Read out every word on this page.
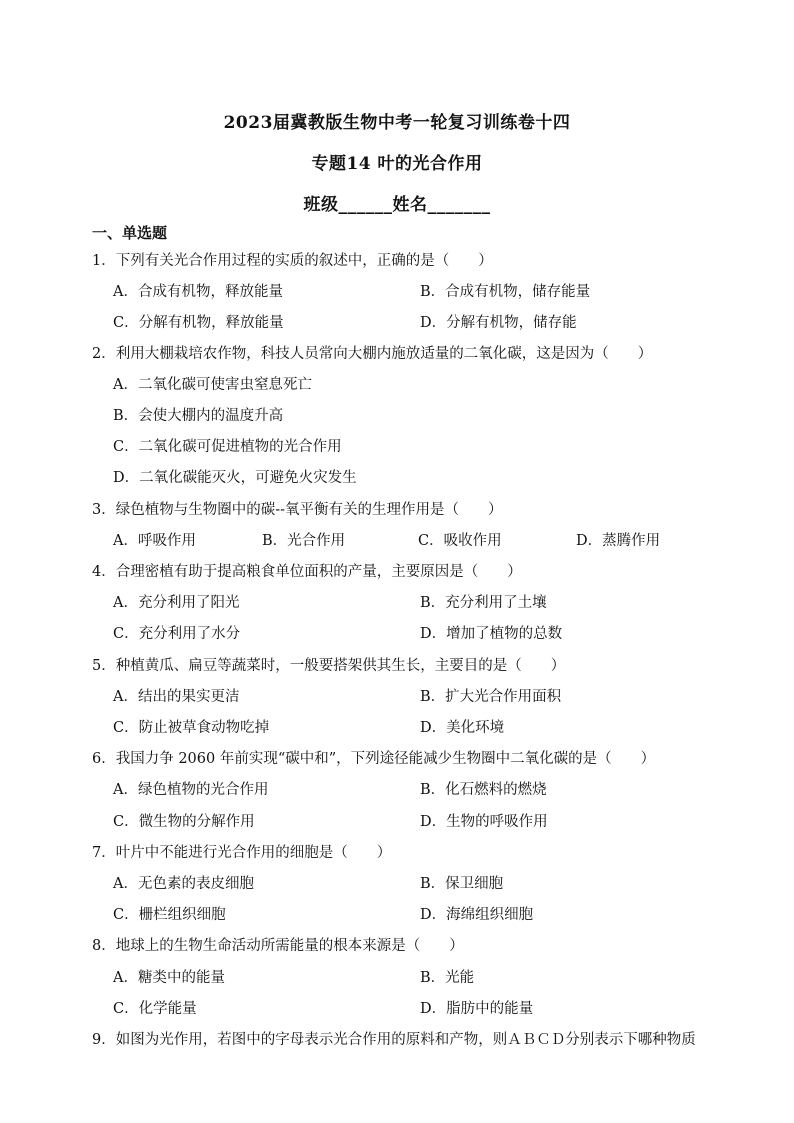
2023届冀教版生物中考一轮复习训练卷十四
专题14 叶的光合作用
班级______姓名_______
一、单选题
1．下列有关光合作用过程的实质的叙述中，正确的是（　　）
A．合成有机物，释放能量	B．合成有机物，储存能量
C．分解有机物，释放能量	D．分解有机物，储存能
2．利用大棚栽培农作物，科技人员常向大棚内施放适量的二氧化碳，这是因为（　　）
A．二氧化碳可使害虫窒息死亡
B．会使大棚内的温度升高
C．二氧化碳可促进植物的光合作用
D．二氧化碳能灭火，可避免火灾发生
3．绿色植物与生物圈中的碳--氧平衡有关的生理作用是（　　）
A．呼吸作用	B．光合作用	C．吸收作用	D．蒸腾作用
4．合理密植有助于提高粮食单位面积的产量，主要原因是（　　）
A．充分利用了阳光	B．充分利用了土壤
C．充分利用了水分	D．增加了植物的总数
5．种植黄瓜、扁豆等蔬菜时，一般要搭架供其生长，主要目的是（　　）
A．结出的果实更洁	B．扩大光合作用面积
C．防止被草食动物吃掉	D．美化环境
6．我国力争 2060 年前实现“碳中和”，下列途径能减少生物圈中二氧化碳的是（　　）
A．绿色植物的光合作用	B．化石燃料的燃烧
C．微生物的分解作用	D．生物的呼吸作用
7．叶片中不能进行光合作用的细胞是（　　）
A．无色素的表皮细胞	B．保卫细胞
C．栅栏组织细胞	D．海绵组织细胞
8．地球上的生物生命活动所需能量的根本来源是（　　）
A．糖类中的能量	B．光能
C．化学能量	D．脂肪中的能量
9．如图为光作用，若图中的字母表示光合作用的原料和产物，则ＡＢＣＤ分别表示下哪种物质
